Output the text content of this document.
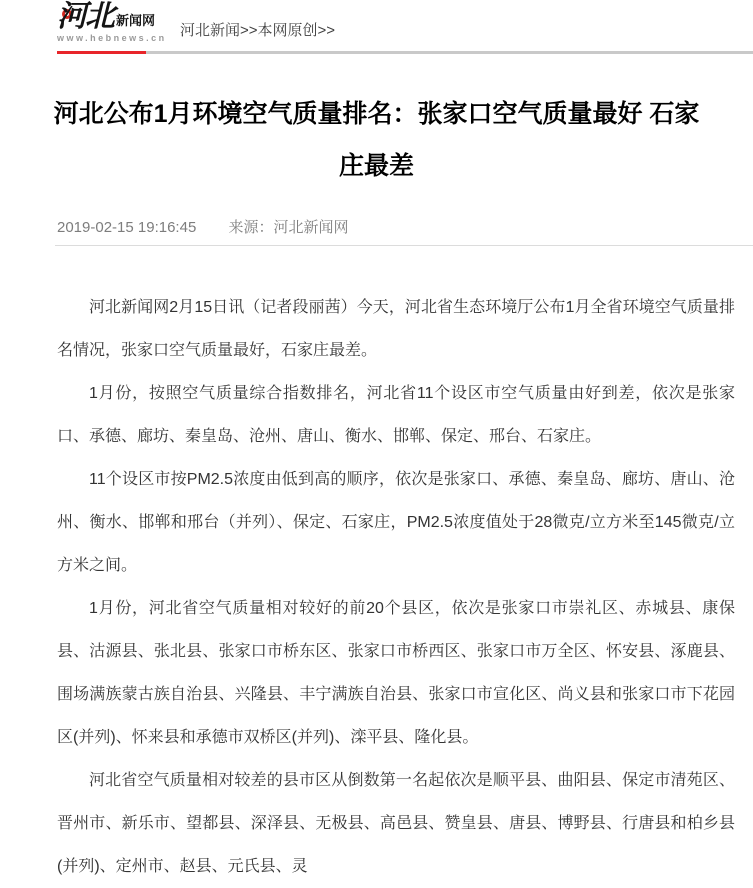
河北 新闻网
www.hebnews.cn 河北新闻>>本网原创>>
河北公布1月环境空气质量排名：张家口空气质量最好 石家庄最差
2019-02-15 19:16:45 来源：河北新闻网

河北新闻网2月15日讯（记者段丽茜）今天，河北省生态环境厅公布1月全省环境空气质量排名情况，张家口空气质量最好，石家庄最差。

1月份，按照空气质量综合指数排名，河北省11个设区市空气质量由好到差，依次是张家口、承德、廊坊、秦皇岛、沧州、唐山、衡水、邯郸、保定、邢台、石家庄。

11个设区市按PM2.5浓度由低到高的顺序，依次是张家口、承德、秦皇岛、廊坊、唐山、沧州、衡水、邯郸和邢台（并列）、保定、石家庄，PM2.5浓度值处于28微克/立方米至145微克/立方米之间。

1月份，河北省空气质量相对较好的前20个县区，依次是张家口市崇礼区、赤城县、康保县、沽源县、张北县、张家口市桥东区、张家口市桥西区、张家口市万全区、怀安县、涿鹿县、围场满族蒙古族自治县、兴隆县、丰宁满族自治县、张家口市宣化区、尚义县和张家口市下花园区(并列)、怀来县和承德市双桥区(并列)、滦平县、隆化县。

河北省空气质量相对较差的县市区从倒数第一名起依次是顺平县、曲阳县、保定市清苑区、晋州市、新乐市、望都县、深泽县、无极县、高邑县、赞皇县、唐县、博野县、行唐县和柏乡县(并列)、定州市、赵县、元氏县、灵
